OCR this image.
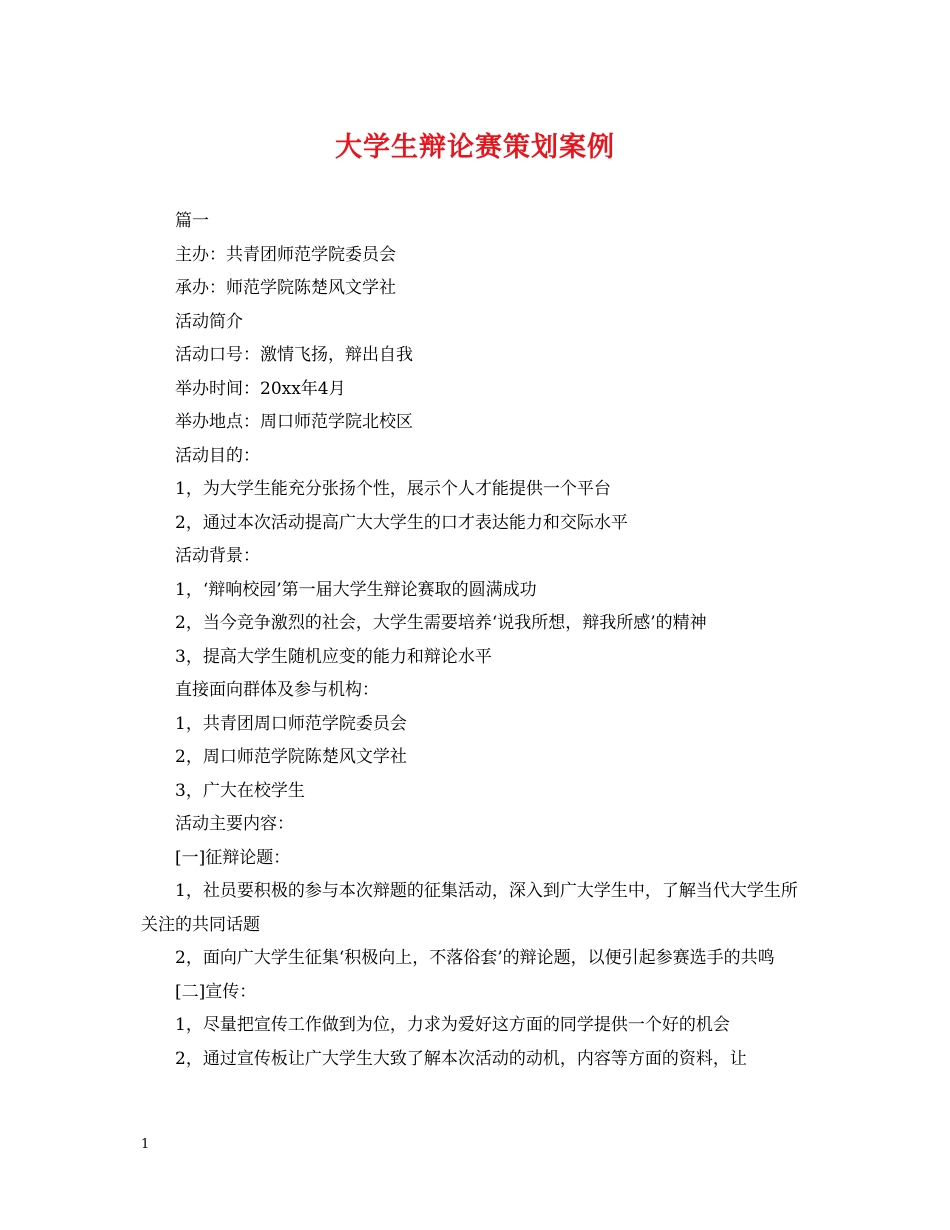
大学生辩论赛策划案例

篇一

主办：共青团师范学院委员会

承办：师范学院陈楚风文学社

活动简介

活动口号：激情飞扬，辩出自我

举办时间：20xx年4月

举办地点：周口师范学院北校区

活动目的：

1，为大学生能充分张扬个性，展示个人才能提供一个平台

2，通过本次活动提高广大大学生的口才表达能力和交际水平

活动背景：

1，‘辩响校园’第一届大学生辩论赛取的圆满成功

2，当今竞争激烈的社会，大学生需要培养‘说我所想，辩我所感’的精神

3，提高大学生随机应变的能力和辩论水平

直接面向群体及参与机构：

1，共青团周口师范学院委员会

2，周口师范学院陈楚风文学社

3，广大在校学生

活动主要内容：

[一]征辩论题：

1，社员要积极的参与本次辩题的征集活动，深入到广大学生中，了解当代大学生所关注的共同话题

2，面向广大学生征集‘积极向上，不落俗套’的辩论题，以便引起参赛选手的共鸣

[二]宣传：

1，尽量把宣传工作做到为位，力求为爱好这方面的同学提供一个好的机会

2，通过宣传板让广大学生大致了解本次活动的动机，内容等方面的资料，让

1
